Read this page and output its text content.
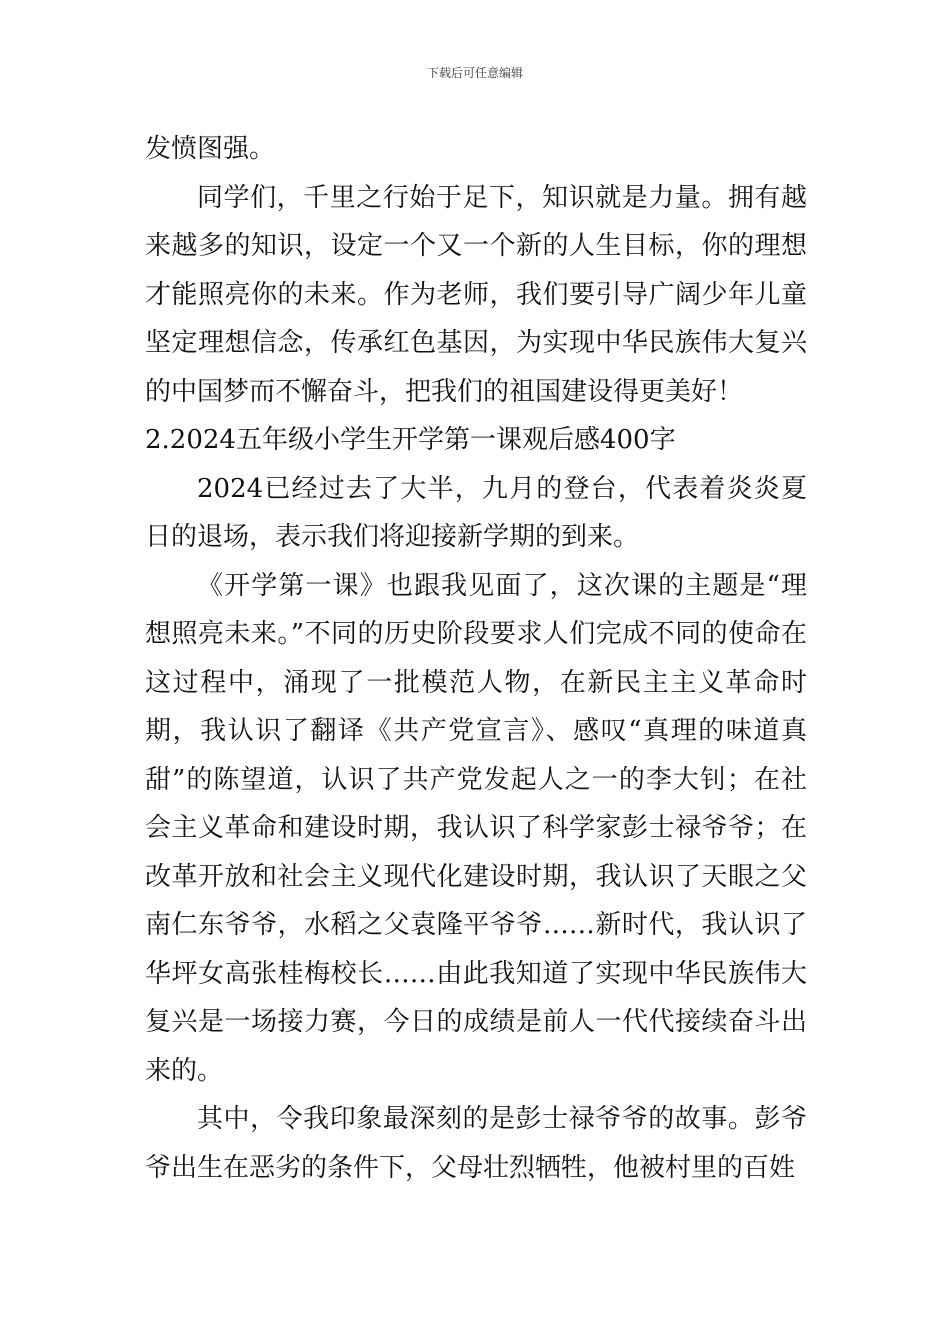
下载后可任意编辑

发愤图强。

同学们，千里之行始于足下，知识就是力量。拥有越来越多的知识，设定一个又一个新的人生目标，你的理想才能照亮你的未来。作为老师，我们要引导广阔少年儿童坚定理想信念，传承红色基因，为实现中华民族伟大复兴的中国梦而不懈奋斗，把我们的祖国建设得更美好！

2.2024五年级小学生开学第一课观后感400字

2024已经过去了大半，九月的登台，代表着炎炎夏日的退场，表示我们将迎接新学期的到来。

《开学第一课》也跟我见面了，这次课的主题是“理想照亮未来。”不同的历史阶段要求人们完成不同的使命在这过程中，涌现了一批模范人物，在新民主主义革命时期，我认识了翻译《共产党宣言》、感叹“真理的味道真甜”的陈望道，认识了共产党发起人之一的李大钊；在社会主义革命和建设时期，我认识了科学家彭士禄爷爷；在改革开放和社会主义现代化建设时期，我认识了天眼之父南仁东爷爷，水稻之父袁隆平爷爷……新时代，我认识了华坪女高张桂梅校长……由此我知道了实现中华民族伟大复兴是一场接力赛，今日的成绩是前人一代代接续奋斗出来的。

其中，令我印象最深刻的是彭士禄爷爷的故事。彭爷爷出生在恶劣的条件下，父母壮烈牺牲，他被村里的百姓
